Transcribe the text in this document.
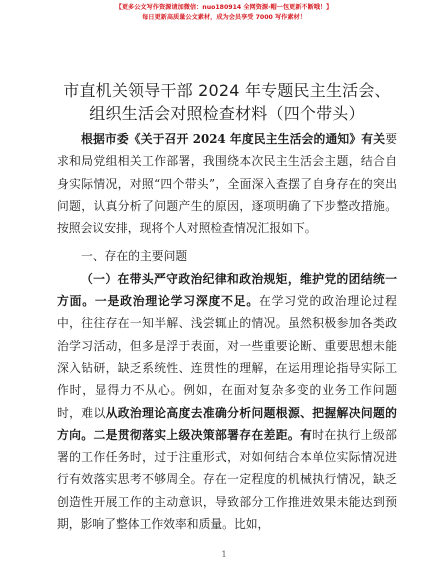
【更多公文写作资源请加微信：nuo180914 全网资源·帽一包更新不断哦！】
每日更新高质量公文素材，成为会员享受 7000 写作素材！
市直机关领导干部 2024 年专题民主生活会、组织生活会对照检查材料（四个带头）

根据市委《关于召开 2024 年度民主生活会的通知》有关要求和局党组相关工作部署，我围绕本次民主生活会主题，结合自身实际情况，对照“四个带头”，全面深入查摆了自身存在的突出问题，认真分析了问题产生的原因，逐项明确了下步整改措施。按照会议安排，现将个人对照检查情况汇报如下。

一、存在的主要问题

（一）在带头严守政治纪律和政治规矩，维护党的团结统一方面。一是政治理论学习深度不足。在学习党的政治理论过程中，往往存在一知半解、浅尝辄止的情况。虽然积极参加各类政治学习活动，但多是浮于表面，对一些重要论断、重要思想未能深入钻研，缺乏系统性、连贯性的理解，在运用理论指导实际工作时，显得力不从心。例如，在面对复杂多变的业务工作问题时，难以从政治理论高度去准确分析问题根源、把握解决问题的方向。二是贯彻落实上级决策部署存在差距。有时在执行上级部署的工作任务时，过于注重形式，对如何结合本单位实际情况进行有效落实思考不够周全。存在一定程度的机械执行情况，缺乏创造性开展工作的主动意识，导致部分工作推进效果未能达到预期，影响了整体工作效率和质量。比如，

1
